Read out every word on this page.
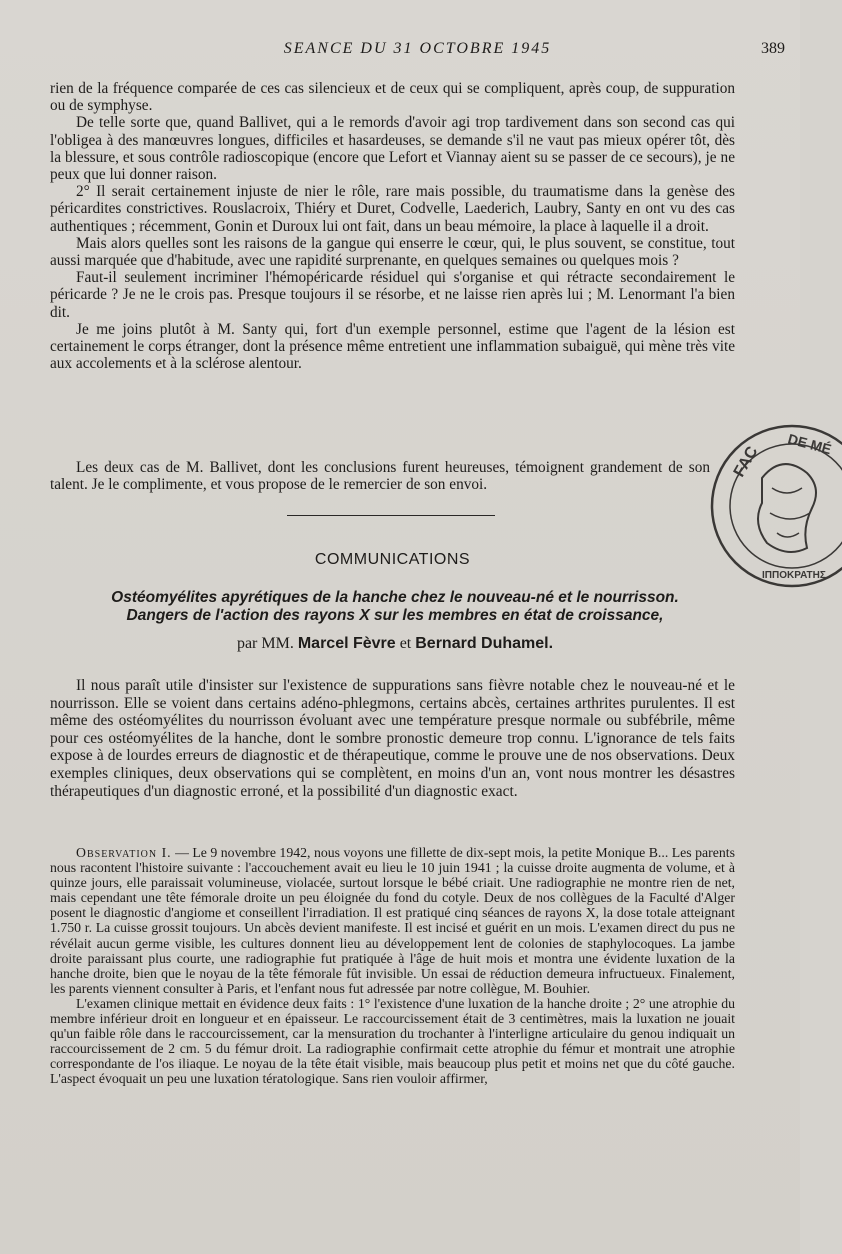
SEANCE DU 31 OCTOBRE 1945	389

rien de la fréquence comparée de ces cas silencieux et de ceux qui se compliquent, après coup, de suppuration ou de symphyse.

De telle sorte que, quand Ballivet, qui a le remords d'avoir agi trop tardivement dans son second cas qui l'obligea à des manœuvres longues, difficiles et hasardeuses, se demande s'il ne vaut pas mieux opérer tôt, dès la blessure, et sous contrôle radioscopique (encore que Lefort et Viannay aient su se passer de ce secours), je ne peux que lui donner raison.

2° Il serait certainement injuste de nier le rôle, rare mais possible, du traumatisme dans la genèse des péricardites constrictives. Rouslacroix, Thiéry et Duret, Codvelle, Laederich, Laubry, Santy en ont vu des cas authentiques ; récemment, Gonin et Duroux lui ont fait, dans un beau mémoire, la place à laquelle il a droit.

Mais alors quelles sont les raisons de la gangue qui enserre le cœur, qui, le plus souvent, se constitue, tout aussi marquée que d'habitude, avec une rapidité surprenante, en quelques semaines ou quelques mois ?

Faut-il seulement incriminer l'hémopéricarde résiduel qui s'organise et qui rétracte secondairement le péricarde ? Je ne le crois pas. Presque toujours il se résorbe, et ne laisse rien après lui ; M. Lenormant l'a bien dit.

Je me joins plutôt à M. Santy qui, fort d'un exemple personnel, estime que l'agent de la lésion est certainement le corps étranger, dont la présence même entretient une inflammation subaiguë, qui mène très vite aux accolements et à la sclérose alentour.

Les deux cas de M. Ballivet, dont les conclusions furent heureuses, témoignent grandement de son talent. Je le complimente, et vous propose de le remercier de son envoi.

COMMUNICATIONS
Ostéomyélites apyrétiques de la hanche chez le nouveau-né et le nourrisson.
Dangers de l'action des rayons X sur les membres en état de croissance,
par MM. Marcel Fèvre et Bernard Duhamel.

Il nous paraît utile d'insister sur l'existence de suppurations sans fièvre notable chez le nouveau-né et le nourrisson. Elle se voient dans certains adéno-phlegmons, certains abcès, certaines arthrites purulentes. Il est même des ostéomyélites du nourrisson évoluant avec une température presque normale ou subfébrile, même pour ces ostéomyélites de la hanche, dont le sombre pronostic demeure trop connu. L'ignorance de tels faits expose à de lourdes erreurs de diagnostic et de thérapeutique, comme le prouve une de nos observations. Deux exemples cliniques, deux observations qui se complètent, en moins d'un an, vont nous montrer les désastres thérapeutiques d'un diagnostic erroné, et la possibilité d'un diagnostic exact.

Observation I. — Le 9 novembre 1942, nous voyons une fillette de dix-sept mois, la petite Monique B... Les parents nous racontent l'histoire suivante : l'accouchement avait eu lieu le 10 juin 1941 ; la cuisse droite augmenta de volume, et à quinze jours, elle paraissait volumineuse, violacée, surtout lorsque le bébé criait. Une radiographie ne montre rien de net, mais cependant une tête fémorale droite un peu éloignée du fond du cotyle. Deux de nos collègues de la Faculté d'Alger posent le diagnostic d'angiome et conseillent l'irradiation. Il est pratiqué cinq séances de rayons X, la dose totale atteignant 1.750 r. La cuisse grossit toujours. Un abcès devient manifeste. Il est incisé et guérit en un mois. L'examen direct du pus ne révélait aucun germe visible, les cultures donnent lieu au développement lent de colonies de staphylocoques. La jambe droite paraissant plus courte, une radiographie fut pratiquée à l'âge de huit mois et montra une évidente luxation de la hanche droite, bien que le noyau de la tête fémorale fût invisible. Un essai de réduction demeura infructueux. Finalement, les parents viennent consulter à Paris, et l'enfant nous fut adressée par notre collègue, M. Bouhier.

L'examen clinique mettait en évidence deux faits : 1° l'existence d'une luxation de la hanche droite ; 2° une atrophie du membre inférieur droit en longueur et en épaisseur. Le raccourcissement était de 3 centimètres, mais la luxation ne jouait qu'un faible rôle dans le raccourcissement, car la mensuration du trochanter à l'interligne articulaire du genou indiquait un raccourcissement de 2 cm. 5 du fémur droit. La radiographie confirmait cette atrophie du fémur et montrait une atrophie correspondante de l'os iliaque. Le noyau de la tête était visible, mais beaucoup plus petit et moins net que du côté gauche. L'aspect évoquait un peu une luxation tératologique. Sans rien vouloir affirmer,

FAC DE MÉ
ΙΠΠΟΚΡΑΤΗΣ
